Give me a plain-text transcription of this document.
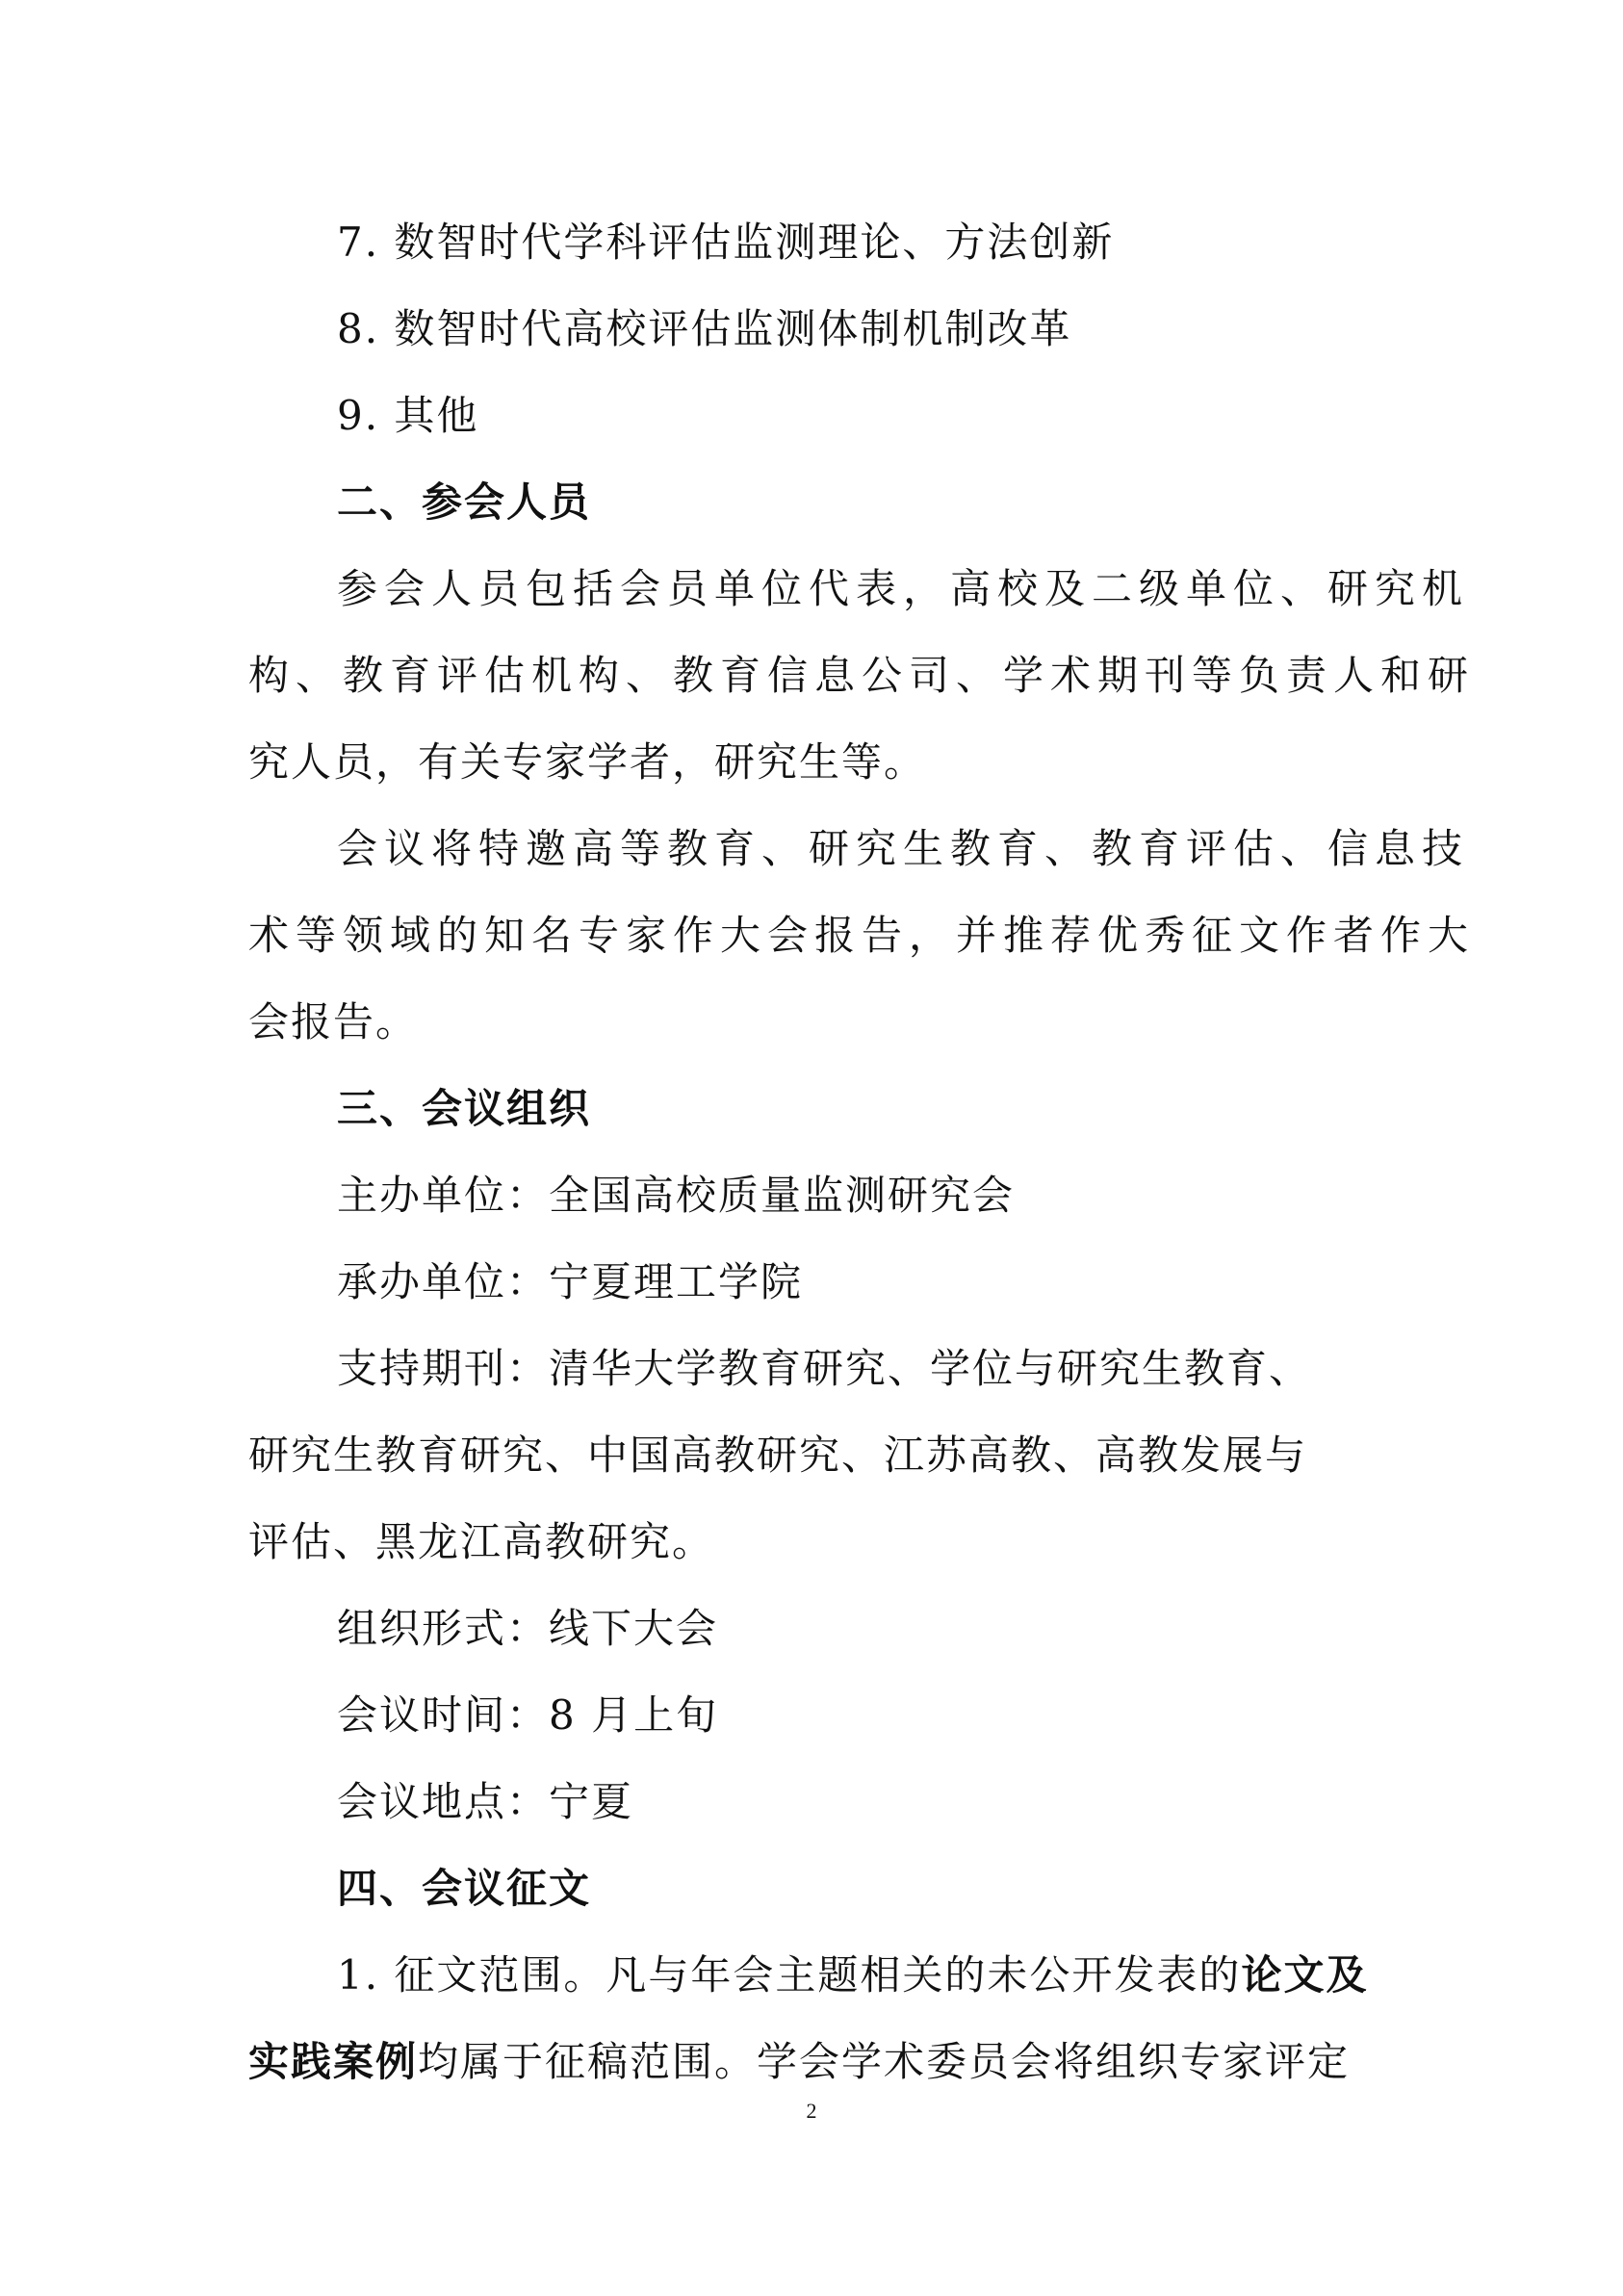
7. 数智时代学科评估监测理论、方法创新
8. 数智时代高校评估监测体制机制改革
9. 其他
二、参会人员
参会人员包括会员单位代表，高校及二级单位、研究机
构、教育评估机构、教育信息公司、学术期刊等负责人和研
究人员，有关专家学者，研究生等。
会议将特邀高等教育、研究生教育、教育评估、信息技
术等领域的知名专家作大会报告，并推荐优秀征文作者作大
会报告。
三、会议组织
主办单位：全国高校质量监测研究会
承办单位：宁夏理工学院
支持期刊：清华大学教育研究、学位与研究生教育、
研究生教育研究、中国高教研究、江苏高教、高教发展与
评估、黑龙江高教研究。
组织形式：线下大会
会议时间：8 月上旬
会议地点：宁夏
四、会议征文
1. 征文范围。凡与年会主题相关的未公开发表的论文及
实践案例均属于征稿范围。学会学术委员会将组织专家评定
2
